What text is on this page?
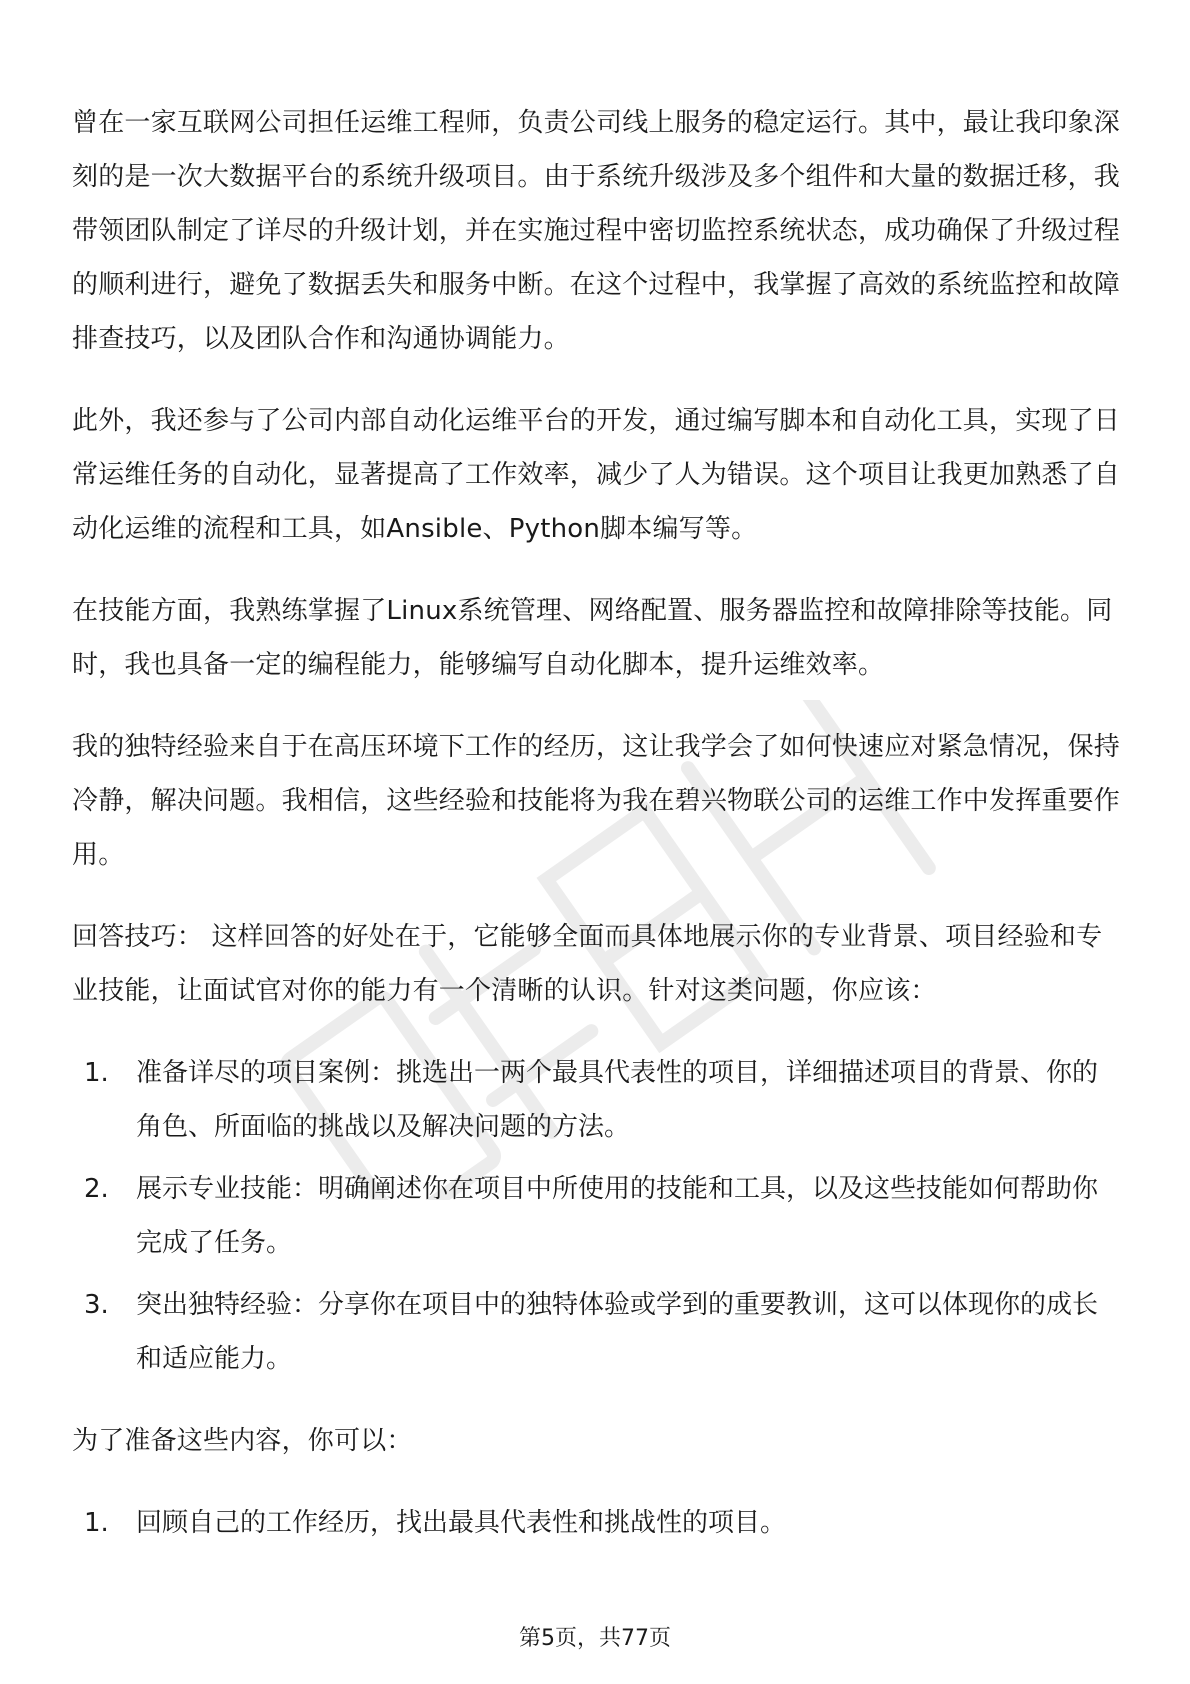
曾在一家互联网公司担任运维工程师，负责公司线上服务的稳定运行。其中，最让我印象深刻的是一次大数据平台的系统升级项目。由于系统升级涉及多个组件和大量的数据迁移，我带领团队制定了详尽的升级计划，并在实施过程中密切监控系统状态，成功确保了升级过程的顺利进行，避免了数据丢失和服务中断。在这个过程中，我掌握了高效的系统监控和故障排查技巧，以及团队合作和沟通协调能力。

此外，我还参与了公司内部自动化运维平台的开发，通过编写脚本和自动化工具，实现了日常运维任务的自动化，显著提高了工作效率，减少了人为错误。这个项目让我更加熟悉了自动化运维的流程和工具，如Ansible、Python脚本编写等。

在技能方面，我熟练掌握了Linux系统管理、网络配置、服务器监控和故障排除等技能。同时，我也具备一定的编程能力，能够编写自动化脚本，提升运维效率。

我的独特经验来自于在高压环境下工作的经历，这让我学会了如何快速应对紧急情况，保持冷静，解决问题。我相信，这些经验和技能将为我在碧兴物联公司的运维工作中发挥重要作用。

回答技巧： 这样回答的好处在于，它能够全面而具体地展示你的专业背景、项目经验和专业技能，让面试官对你的能力有一个清晰的认识。针对这类问题，你应该：

1.	准备详尽的项目案例：挑选出一两个最具代表性的项目，详细描述项目的背景、你的角色、所面临的挑战以及解决问题的方法。
2.	展示专业技能：明确阐述你在项目中所使用的技能和工具，以及这些技能如何帮助你完成了任务。
3.	突出独特经验：分享你在项目中的独特体验或学到的重要教训，这可以体现你的成长和适应能力。

为了准备这些内容，你可以：

1.	回顾自己的工作经历，找出最具代表性和挑战性的项目。
第5页，共77页
